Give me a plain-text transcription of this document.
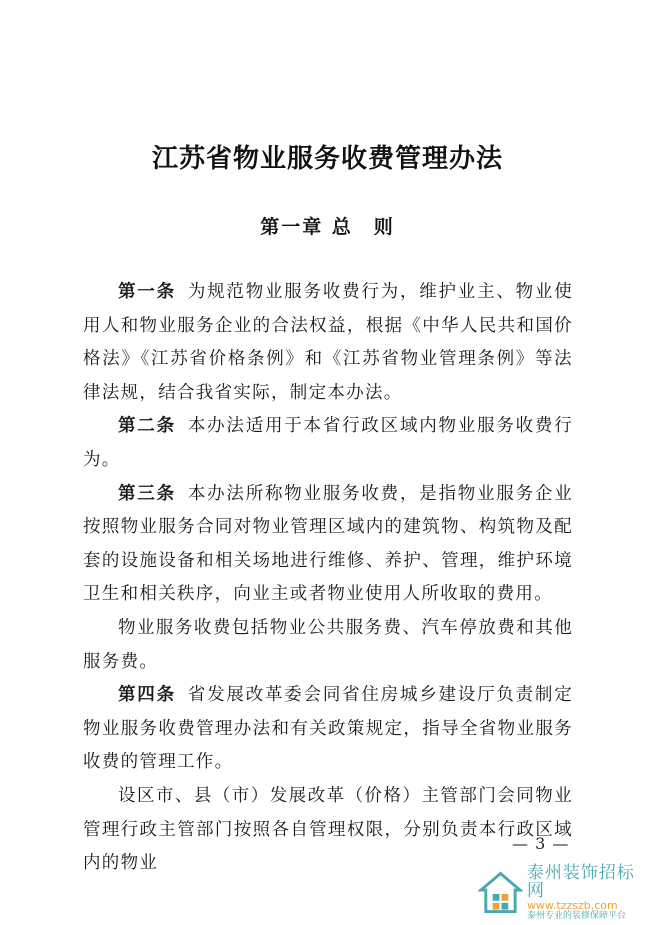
江苏省物业服务收费管理办法
第一章 总　则

第一条 为规范物业服务收费行为，维护业主、物业使用人和物业服务企业的合法权益，根据《中华人民共和国价格法》《江苏省价格条例》和《江苏省物业管理条例》等法律法规，结合我省实际，制定本办法。

第二条 本办法适用于本省行政区域内物业服务收费行为。

第三条 本办法所称物业服务收费，是指物业服务企业按照物业服务合同对物业管理区域内的建筑物、构筑物及配套的设施设备和相关场地进行维修、养护、管理，维护环境卫生和相关秩序，向业主或者物业使用人所收取的费用。

物业服务收费包括物业公共服务费、汽车停放费和其他服务费。

第四条 省发展改革委会同省住房城乡建设厅负责制定物业服务收费管理办法和有关政策规定，指导全省物业服务收费的管理工作。

设区市、县（市）发展改革（价格）主管部门会同物业管理行政主管部门按照各自管理权限，分别负责本行政区域内的物业

— 3 —
泰州装饰招标网
www.tzzszb.com
泰州专业的装修保障平台
